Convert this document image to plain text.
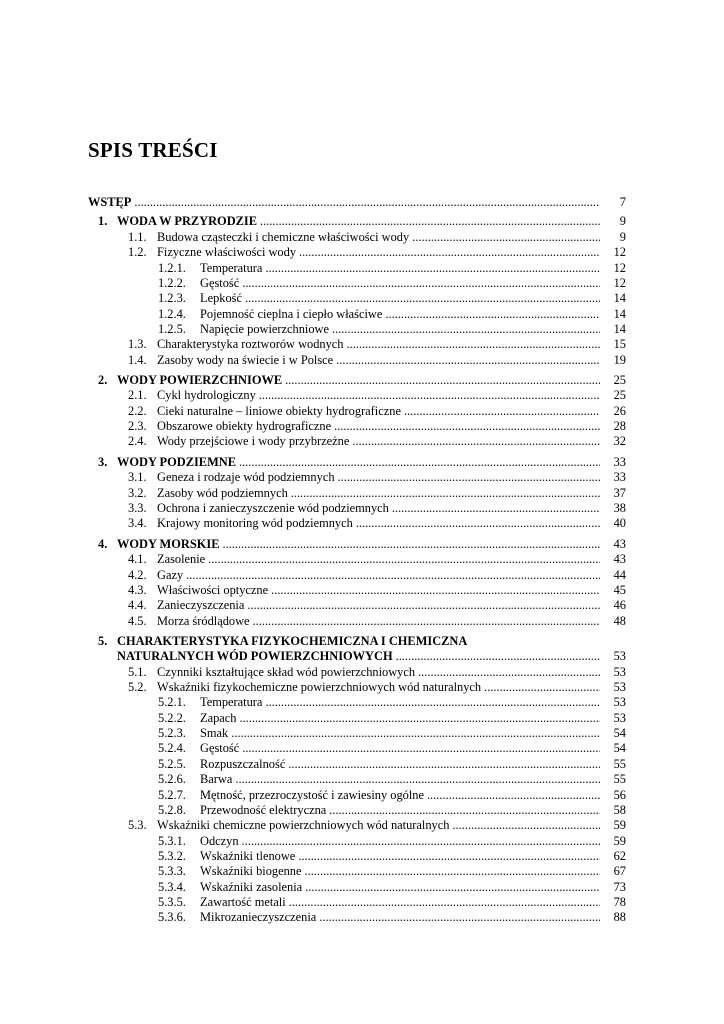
SPIS TREŚCI
WSTĘP .....	7
1. WODA W PRZYRODZIE .....	9
1.1. Budowa cząsteczki i chemiczne właściwości wody .....	9
1.2. Fizyczne właściwości wody .....	12
1.2.1. Temperatura .....	12
1.2.2. Gęstość .....	12
1.2.3. Lepkość .....	14
1.2.4. Pojemność cieplna i ciepło właściwe .....	14
1.2.5. Napięcie powierzchniowe .....	14
1.3. Charakterystyka roztworów wodnych .....	15
1.4. Zasoby wody na świecie i w Polsce .....	19
2. WODY POWIERZCHNIOWE .....	25
2.1. Cykl hydrologiczny .....	25
2.2. Cieki naturalne – liniowe obiekty hydrograficzne .....	26
2.3. Obszarowe obiekty hydrograficzne .....	28
2.4. Wody przejściowe i wody przybrzeżne .....	32
3. WODY PODZIEMNE .....	33
3.1. Geneza i rodzaje wód podziemnych .....	33
3.2. Zasoby wód podziemnych .....	37
3.3. Ochrona i zanieczyszczenie wód podziemnych .....	38
3.4. Krajowy monitoring wód podziemnych .....	40
4. WODY MORSKIE .....	43
4.1. Zasolenie .....	43
4.2. Gazy .....	44
4.3. Właściwości optyczne .....	45
4.4. Zanieczyszczenia .....	46
4.5. Morza śródlądowe .....	48
5. CHARAKTERYSTYKA FIZYKOCHEMICZNA I CHEMICZNA
NATURALNYCH WÓD POWIERZCHNIOWYCH .....	53
5.1. Czynniki kształtujące skład wód powierzchniowych .....	53
5.2. Wskaźniki fizykochemiczne powierzchniowych wód naturalnych .....	53
5.2.1. Temperatura .....	53
5.2.2. Zapach .....	53
5.2.3. Smak .....	54
5.2.4. Gęstość .....	54
5.2.5. Rozpuszczalność .....	55
5.2.6. Barwa .....	55
5.2.7. Mętność, przezroczystość i zawiesiny ogólne .....	56
5.2.8. Przewodność elektryczna .....	58
5.3. Wskaźniki chemiczne powierzchniowych wód naturalnych .....	59
5.3.1. Odczyn .....	59
5.3.2. Wskaźniki tlenowe .....	62
5.3.3. Wskaźniki biogenne .....	67
5.3.4. Wskaźniki zasolenia .....	73
5.3.5. Zawartość metali .....	78
5.3.6. Mikrozanieczyszczenia .....	88
